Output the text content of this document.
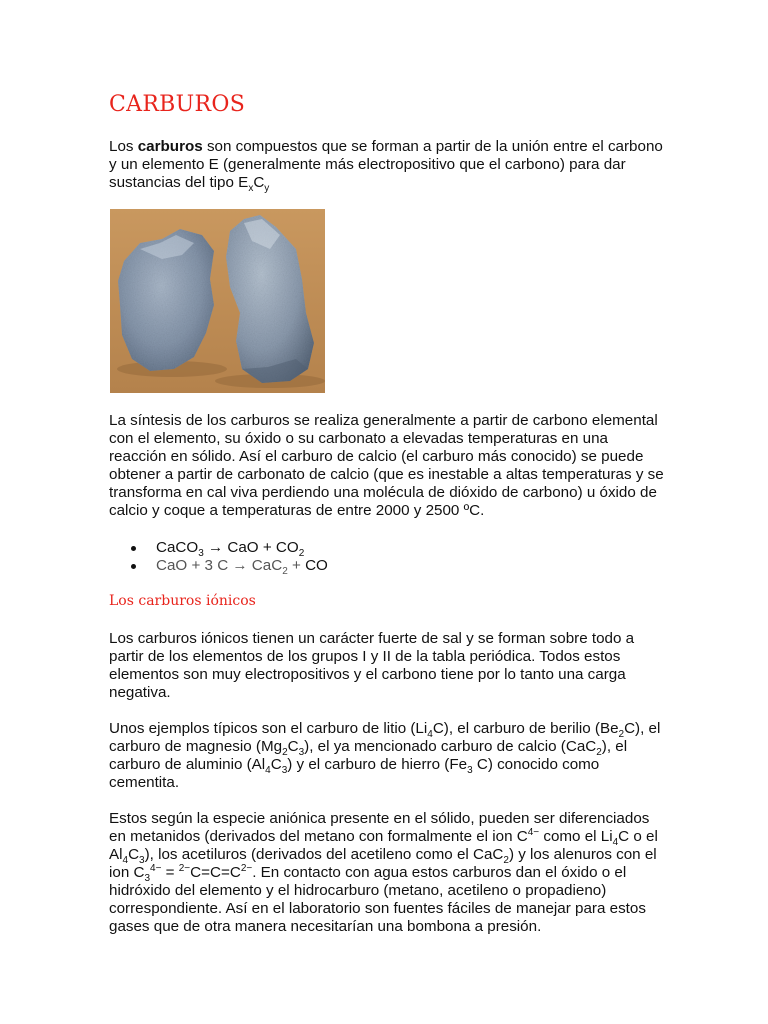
CARBUROS

Los carburos son compuestos que se forman a partir de la unión entre el carbono y un elemento E (generalmente más electropositivo que el carbono) para dar sustancias del tipo $E_xC_y$

La síntesis de los carburos se realiza generalmente a partir de carbono elemental con el elemento, su óxido o su carbonato a elevadas temperaturas en una reacción en sólido. Así el carburo de calcio (el carburo más conocido) se puede obtener a partir de carbonato de calcio (que es inestable a altas temperaturas y se transforma en cal viva perdiendo una molécula de dióxido de carbono) u óxido de calcio y coque a temperaturas de entre 2000 y 2500 ºC.

CaCO$_3$ → CaO + $CO_2$
CaO + 3 C → CaC$_2$ + CO
Los carburos iónicos

Los carburos iónicos tienen un carácter fuerte de sal y se forman sobre todo a partir de los elementos de los grupos I y II de la tabla periódica. Todos estos elementos son muy electropositivos y el carbono tiene por lo tanto una carga negativa.

Unos ejemplos típicos son el carburo de litio $(Li_4C)$, el carburo de berilio $(Be_2C)$, el carburo de magnesio $(Mg_2C_3)$, el ya mencionado carburo de calcio (CaC$_2$), el carburo de aluminio $(Al_4C_3)$ y el carburo de hierro ($Fe_3$ C) conocido como cementita.

Estos según la especie aniónica presente en el sólido, pueden ser diferenciados en metanidos (derivados del metano con formalmente el ion $C^{4-}$ como el $Li_4C$ o el $Al_4C_3$), los acetiluros (derivados del acetileno como el CaC$_2$) y los alenuros con el ion $C_3^{4-} = ^{2-}C=C=C^{2-}$. En contacto con agua estos carburos dan el óxido o el hidróxido del elemento y el hidrocarburo (metano, acetileno o propadieno) correspondiente. Así en el laboratorio son fuentes fáciles de manejar para estos gases que de otra manera necesitarían una bombona a presión.
